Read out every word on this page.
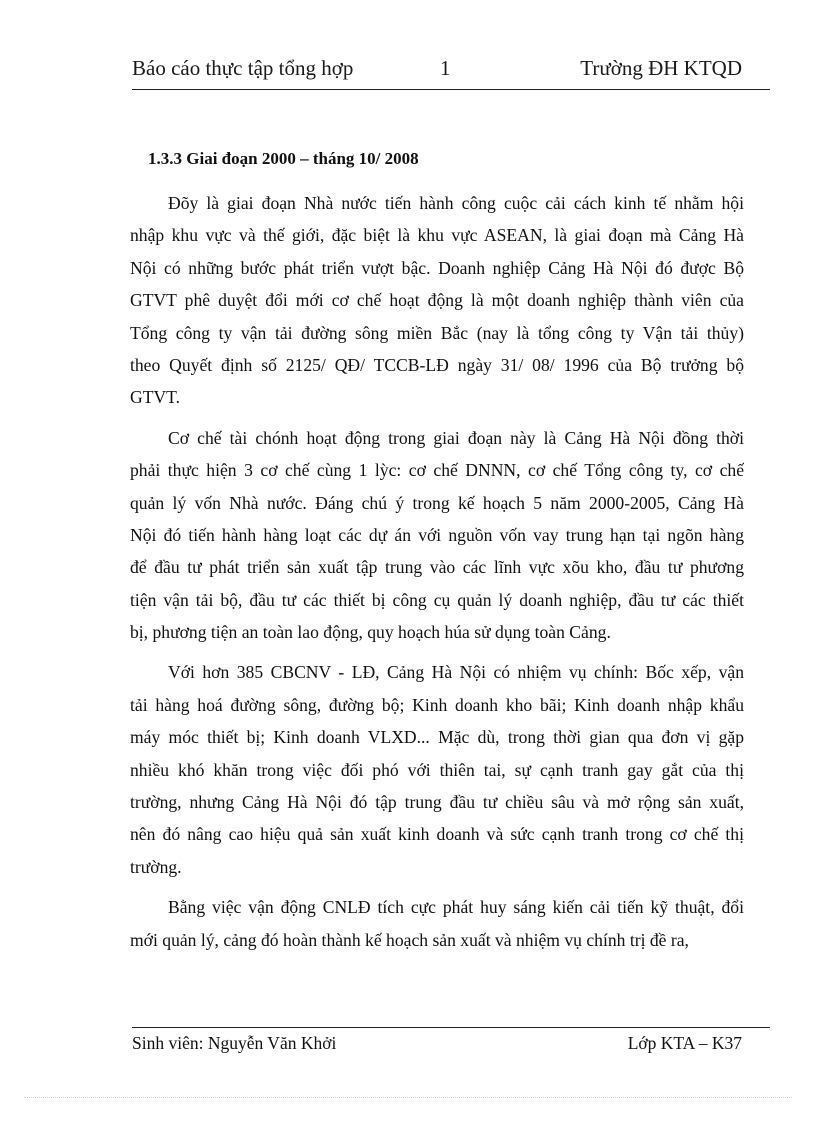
Báo cáo thực tập tổng hợp	1	Trường ĐH KTQD
1.3.3 Giai đoạn 2000 – tháng 10/ 2008

Đõy là giai đoạn Nhà nước tiến hành công cuộc cải cách kinh tế nhằm hội
nhập khu vực và thế giới, đặc biệt là khu vực ASEAN, là giai đoạn mà Cảng Hà
Nội có những bước phát triển vượt bậc. Doanh nghiệp Cảng Hà Nội đó được Bộ
GTVT phê duyệt đổi mới cơ chế hoạt động là một doanh nghiệp thành viên của
Tổng công ty vận tải đường sông miền Bắc (nay là tổng công ty Vận tải thủy)
theo Quyết định số 2125/ QĐ/ TCCB-LĐ ngày 31/ 08/ 1996 của Bộ trưởng bộ
GTVT.

Cơ chế tài chónh hoạt động trong giai đoạn này là Cảng Hà Nội đồng thời
phải thực hiện 3 cơ chế cùng 1 lỳc: cơ chế DNNN, cơ chế Tổng công ty, cơ chế
quản lý vốn Nhà nước. Đáng chú ý trong kế hoạch 5 năm 2000-2005, Cảng Hà
Nội đó tiến hành hàng loạt các dự án với nguồn vốn vay trung hạn tại ngõn hàng
để đầu tư phát triển sản xuất tập trung vào các lĩnh vực xõu kho, đầu tư phương
tiện vận tải bộ, đầu tư các thiết bị công cụ quản lý doanh nghiệp, đầu tư các thiết
bị, phương tiện an toàn lao động, quy hoạch húa sử dụng toàn Cảng.

Với hơn 385 CBCNV - LĐ, Cảng Hà Nội có nhiệm vụ chính: Bốc xếp, vận
tải hàng hoá đường sông, đường bộ; Kinh doanh kho bãi; Kinh doanh nhập khẩu
máy móc thiết bị; Kinh doanh VLXD... Mặc dù, trong thời gian qua đơn vị gặp
nhiều khó khăn trong việc đối phó với thiên tai, sự cạnh tranh gay gắt của thị
trường, nhưng Cảng Hà Nội đó tập trung đầu tư chiều sâu và mở rộng sản xuất,
nên đó nâng cao hiệu quả sản xuất kinh doanh và sức cạnh tranh trong cơ chế thị
trường.

Bằng việc vận động CNLĐ tích cực phát huy sáng kiến cải tiến kỹ thuật, đổi
mới quản lý, cảng đó hoàn thành kế hoạch sản xuất và nhiệm vụ chính trị đề ra,

Sinh viên: Nguyễn Văn Khởi	Lớp KTA – K37
